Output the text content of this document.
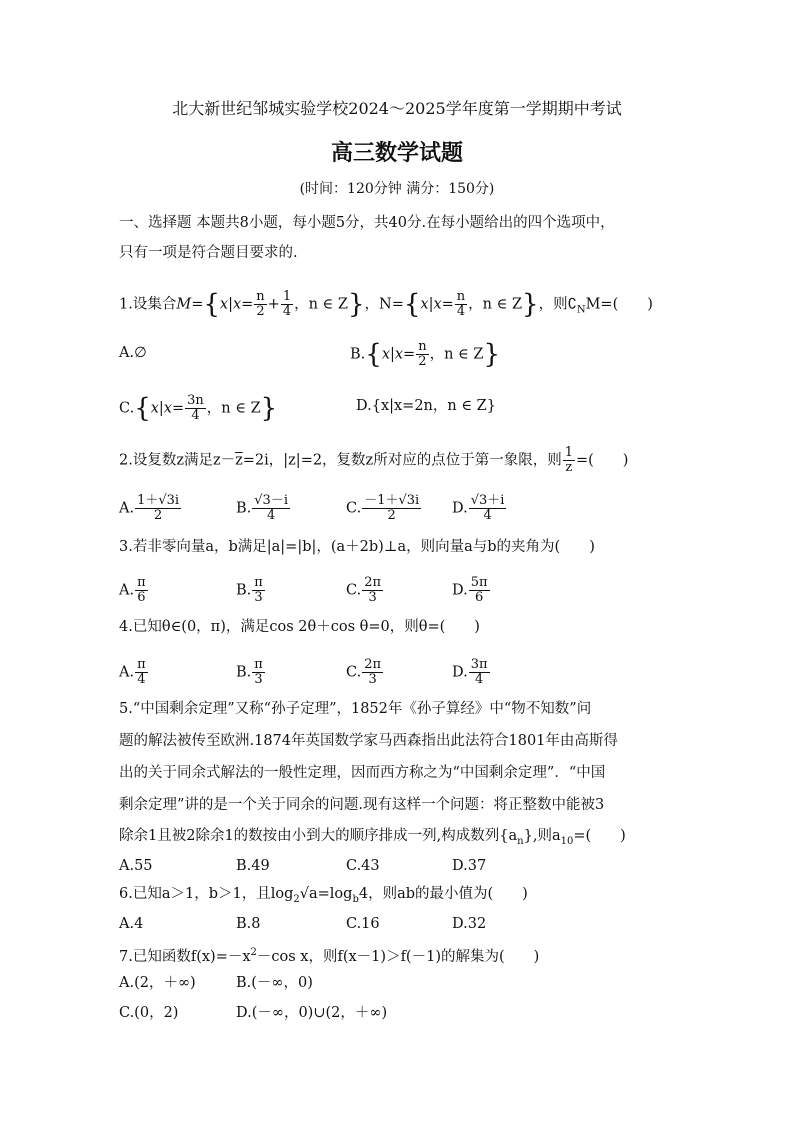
北大新世纪邹城实验学校2024～2025学年度第一学期期中考试
高三数学试题
(时间：120分钟 满分：150分)
一、选择题 本题共8小题，每小题5分，共40分.在每小题给出的四个选项中，
只有一项是符合题目要求的.
1.设集合$M=\{x|x= \frac{n}{2} + \frac{1}{4}$ ，n ∈ Z}，$N=\{x|x= \frac{n}{4}$ ，n ∈ Z}，则$∁_NM=$(　　)
A.∅	$B.\{x|x= \frac{n}{2}$ ，n ∈ Z}
$C.\{x|x= \frac{3n}{4}$ ，n ∈ Z}	D.{x|x=2n，n ∈ Z}
2.设复数z满足$z-\overline{z}=2i$，|z|=2，复数z所对应的点位于第一象限，则 $\frac{1}{z}$ =(　　)
A. $\frac{1+√3i}{2}$	B. $\frac{√3-i}{4}$	C. $\frac{-1+√3i}{2} D$. $\frac{√3+i}{4}$
3.若非零向量a，b满足|a|=|b|，(a＋2b)⊥a，则向量a与b的夹角为(　　)
A. $\frac{\pi}{6}$	B. $\frac{\pi}{3}$	C. $\frac{2\pi}{3}$	D. $\frac{5\pi}{6}$
4.已知θ∈(0，π)，满足cos 2θ＋cos θ=0，则θ=(　　)
A. $\frac{\pi}{4}$	B. $\frac{\pi}{3}$	C. $\frac{2\pi}{3}$	D. $\frac{3\pi}{4}$
5.“中国剩余定理”又称“孙子定理”，1852年《孙子算经》中“物不知数”问
题的解法被传至欧洲.1874年英国数学家马西森指出此法符合1801年由高斯得
出的关于同余式解法的一般性定理，因而西方称之为“中国剩余定理”．“中国
剩余定理”讲的是一个关于同余的问题.现有这样一个问题：将正整数中能被3
除余1且被2除余1的数按由小到大的顺序排成一列,构成数列$\{a_n\}$,则$a_{10}=$(　　)
A.55	B.49	C.43	D.37
6.已知a＞1，b＞1，且$\log_2√a=\log_b4$，则ab的最小值为(　　)
A.4	B.8	C.16	D.32
7.已知函数$f(x)=-x^2-\cos$ x，则f(x－1)＞f(－1)的解集为(　　)
A.(2，＋∞)	B.(－∞，0)
C.(0，2)	D.(－∞，0)∪(2，＋∞)
